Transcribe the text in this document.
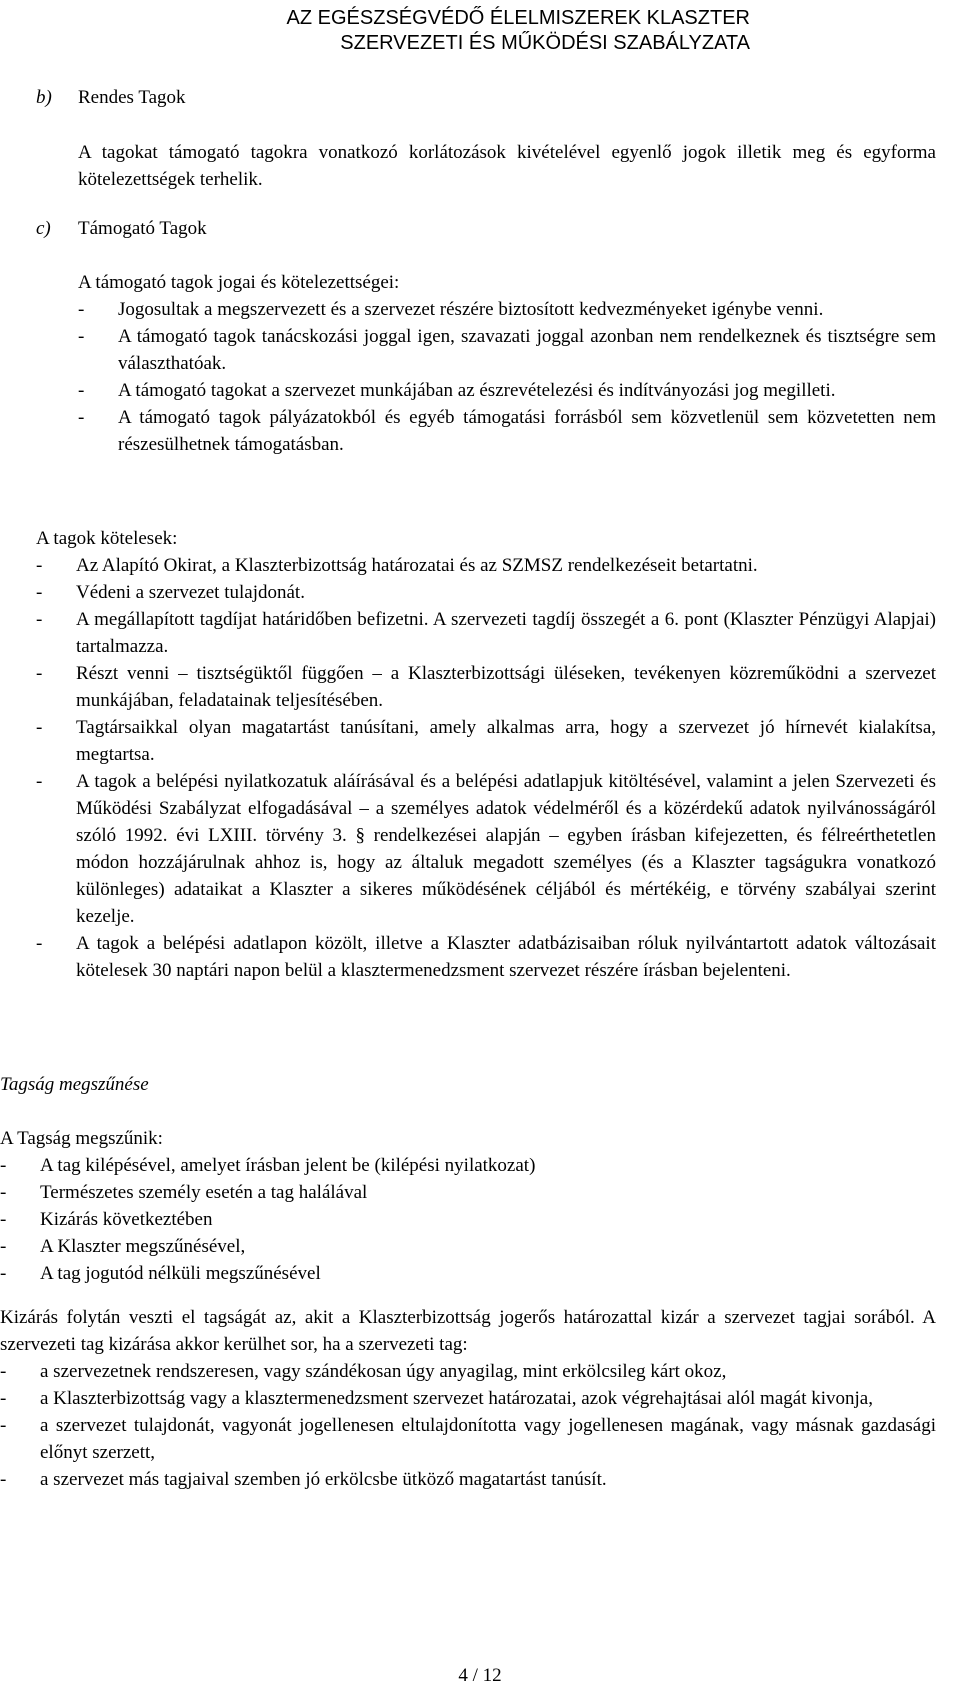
AZ EGÉSZSÉGVÉDŐ ÉLELMISZEREK KLASZTER
SZERVEZETI ÉS MŰKÖDÉSI SZABÁLYZATA
b) Rendes Tagok
A tagokat támogató tagokra vonatkozó korlátozások kivételével egyenlő jogok illetik meg és egyforma kötelezettségek terhelik.
c) Támogató Tagok
A támogató tagok jogai és kötelezettségei:
- Jogosultak a megszervezett és a szervezet részére biztosított kedvezményeket igénybe venni.
- A támogató tagok tanácskozási joggal igen, szavazati joggal azonban nem rendelkeznek és tisztségre sem választhatóak.
- A támogató tagokat a szervezet munkájában az észrevételezési és indítványozási jog megilleti.
- A támogató tagok pályázatokból és egyéb támogatási forrásból sem közvetlenül sem közvetetten nem részesülhetnek támogatásban.
A tagok kötelesek:
- Az Alapító Okirat, a Klaszterbizottság határozatai és az SZMSZ rendelkezéseit betartatni.
- Védeni a szervezet tulajdonát.
- A megállapított tagdíjat határidőben befizetni. A szervezeti tagdíj összegét a 6. pont (Klaszter Pénzügyi Alapjai) tartalmazza.
- Részt venni – tisztségüktől függően – a Klaszterbizottsági üléseken, tevékenyen közreműködni a szervezet munkájában, feladatainak teljesítésében.
- Tagtársaikkal olyan magatartást tanúsítani, amely alkalmas arra, hogy a szervezet jó hírnevét kialakítsa, megtartsa.
- A tagok a belépési nyilatkozatuk aláírásával és a belépési adatlapjuk kitöltésével, valamint a jelen Szervezeti és Működési Szabályzat elfogadásával – a személyes adatok védelméről és a közérdekű adatok nyilvánosságáról szóló 1992. évi LXIII. törvény 3. § rendelkezései alapján – egyben írásban kifejezetten, és félreérthetetlen módon hozzájárulnak ahhoz is, hogy az általuk megadott személyes (és a Klaszter tagságukra vonatkozó különleges) adataikat a Klaszter a sikeres működésének céljából és mértékéig, e törvény szabályai szerint kezelje.
- A tagok a belépési adatlapon közölt, illetve a Klaszter adatbázisaiban róluk nyilvántartott adatok változásait kötelesek 30 naptári napon belül a klasztermenedzsment szervezet részére írásban bejelenteni.
Tagság megszűnése
A Tagság megszűnik:
- A tag kilépésével, amelyet írásban jelent be (kilépési nyilatkozat)
- Természetes személy esetén a tag halálával
- Kizárás következtében
- A Klaszter megszűnésével,
- A tag jogutód nélküli megszűnésével
Kizárás folytán veszti el tagságát az, akit a Klaszterbizottság jogerős határozattal kizár a szervezet tagjai sorából. A szervezeti tag kizárása akkor kerülhet sor, ha a szervezeti tag:
- a szervezetnek rendszeresen, vagy szándékosan úgy anyagilag, mint erkölcsileg kárt okoz,
- a Klaszterbizottság vagy a klasztermenedzsment szervezet határozatai, azok végrehajtásai alól magát kivonja,
- a szervezet tulajdonát, vagyonát jogellenesen eltulajdonította vagy jogellenesen magának, vagy másnak gazdasági előnyt szerzett,
- a szervezet más tagjaival szemben jó erkölcsbe ütköző magatartást tanúsít.
4 / 12
